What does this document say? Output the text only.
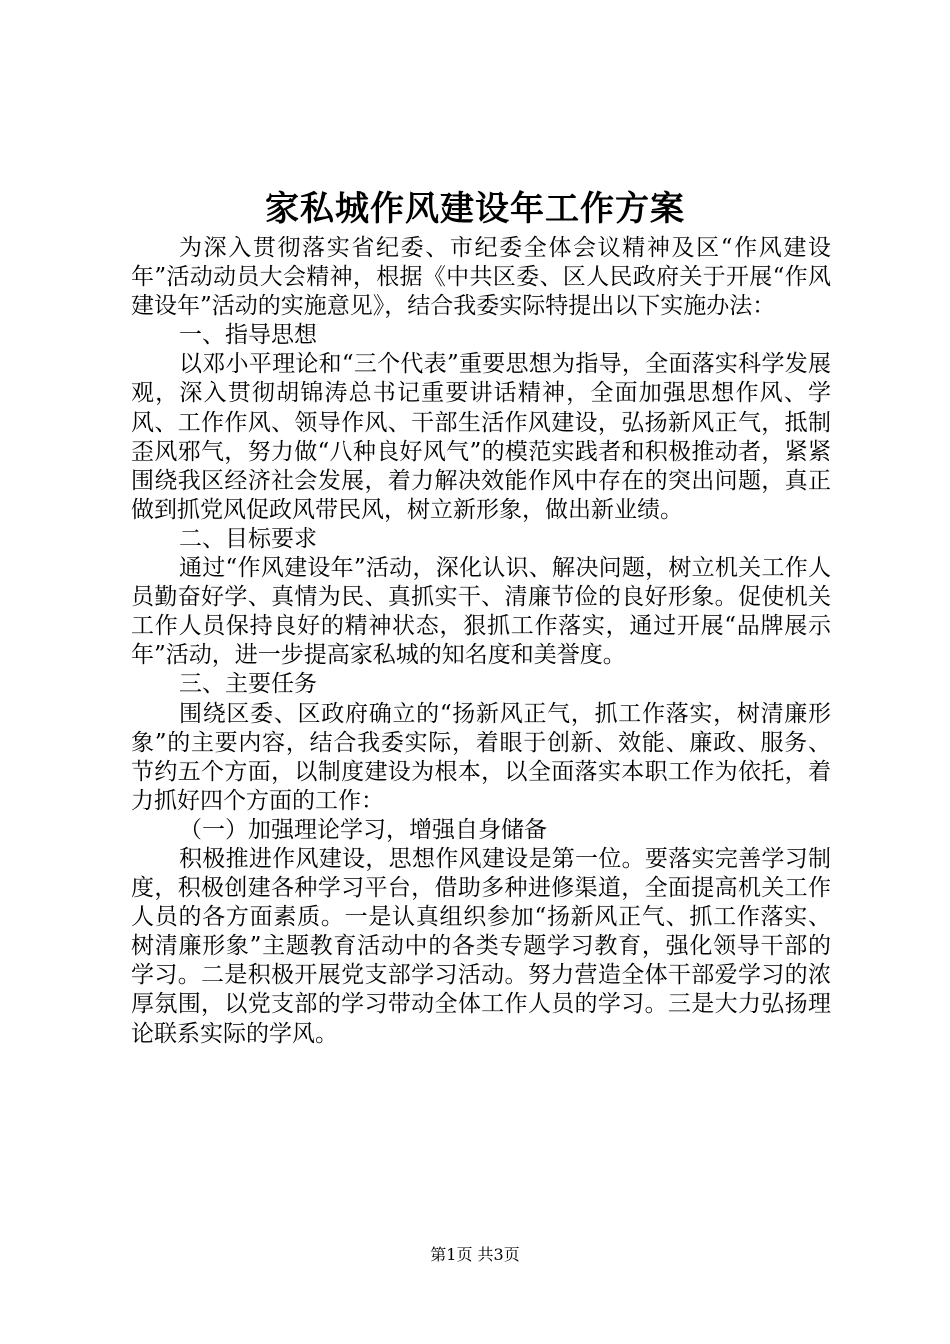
家私城作风建设年工作方案

为深入贯彻落实省纪委、市纪委全体会议精神及区“作风建设年”活动动员大会精神，根据《中共区委、区人民政府关于开展“作风建设年”活动的实施意见》，结合我委实际特提出以下实施办法：

一、指导思想

以邓小平理论和“三个代表”重要思想为指导，全面落实科学发展观，深入贯彻胡锦涛总书记重要讲话精神，全面加强思想作风、学风、工作作风、领导作风、干部生活作风建设，弘扬新风正气，抵制歪风邪气，努力做“八种良好风气”的模范实践者和积极推动者，紧紧围绕我区经济社会发展，着力解决效能作风中存在的突出问题，真正做到抓党风促政风带民风，树立新形象，做出新业绩。

二、目标要求

通过“作风建设年”活动，深化认识、解决问题，树立机关工作人员勤奋好学、真情为民、真抓实干、清廉节俭的良好形象。促使机关工作人员保持良好的精神状态，狠抓工作落实，通过开展“品牌展示年”活动，进一步提高家私城的知名度和美誉度。

三、主要任务

围绕区委、区政府确立的“扬新风正气，抓工作落实，树清廉形象”的主要内容，结合我委实际，着眼于创新、效能、廉政、服务、节约五个方面，以制度建设为根本，以全面落实本职工作为依托，着力抓好四个方面的工作：

（一）加强理论学习，增强自身储备

积极推进作风建设，思想作风建设是第一位。要落实完善学习制度，积极创建各种学习平台，借助多种进修渠道，全面提高机关工作人员的各方面素质。一是认真组织参加“扬新风正气、抓工作落实、树清廉形象”主题教育活动中的各类专题学习教育，强化领导干部的学习。二是积极开展党支部学习活动。努力营造全体干部爱学习的浓厚氛围，以党支部的学习带动全体工作人员的学习。三是大力弘扬理论联系实际的学风。

第1页 共3页
